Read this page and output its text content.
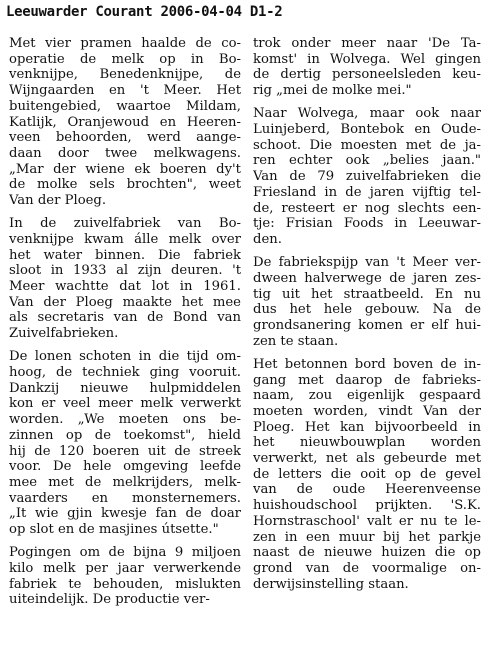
Leeuwarder Courant 2006-04-04 D1-2
Met vier pramen haalde de co-
operatie de melk op in Bo-
venknijpe, Benedenknijpe, de
Wijngaarden en 't Meer. Het
buitengebied, waartoe Mildam,
Katlijk, Oranjewoud en Heeren-
veen behoorden, werd aange-
daan door twee melkwagens.
„Mar der wiene ek boeren dy't
de molke sels brochten", weet
Van der Ploeg.
In de zuivelfabriek van Bo-
venknijpe kwam álle melk over
het water binnen. Die fabriek
sloot in 1933 al zijn deuren. 't
Meer wachtte dat lot in 1961.
Van der Ploeg maakte het mee
als secretaris van de Bond van
Zuivelfabrieken.
De lonen schoten in die tijd om-
hoog, de techniek ging vooruit.
Dankzij nieuwe hulpmiddelen
kon er veel meer melk verwerkt
worden. „We moeten ons be-
zinnen op de toekomst", hield
hij de 120 boeren uit de streek
voor. De hele omgeving leefde
mee met de melkrijders, melk-
vaarders en monsternemers.
„It wie gjin kwesje fan de doar
op slot en de masjines útsette."
Pogingen om de bijna 9 miljoen
kilo melk per jaar verwerkende
fabriek te behouden, mislukten
uiteindelijk. De productie ver-
trok onder meer naar 'De Ta-
komst' in Wolvega. Wel gingen
de dertig personeelsleden keu-
rig „mei de molke mei."
Naar Wolvega, maar ook naar
Luinjeberd, Bontebok en Oude-
schoot. Die moesten met de ja-
ren echter ook „belies jaan."
Van de 79 zuivelfabrieken die
Friesland in de jaren vijftig tel-
de, resteert er nog slechts een-
tje: Frisian Foods in Leeuwar-
den.
De fabriekspijp van 't Meer ver-
dween halverwege de jaren zes-
tig uit het straatbeeld. En nu
dus het hele gebouw. Na de
grondsanering komen er elf hui-
zen te staan.
Het betonnen bord boven de in-
gang met daarop de fabrieks-
naam, zou eigenlijk gespaard
moeten worden, vindt Van der
Ploeg. Het kan bijvoorbeeld in
het nieuwbouwplan worden
verwerkt, net als gebeurde met
de letters die ooit op de gevel
van de oude Heerenveense
huishoudschool prijkten. 'S.K.
Hornstraschool' valt er nu te le-
zen in een muur bij het parkje
naast de nieuwe huizen die op
grond van de voormalige on-
derwijsinstelling staan.
